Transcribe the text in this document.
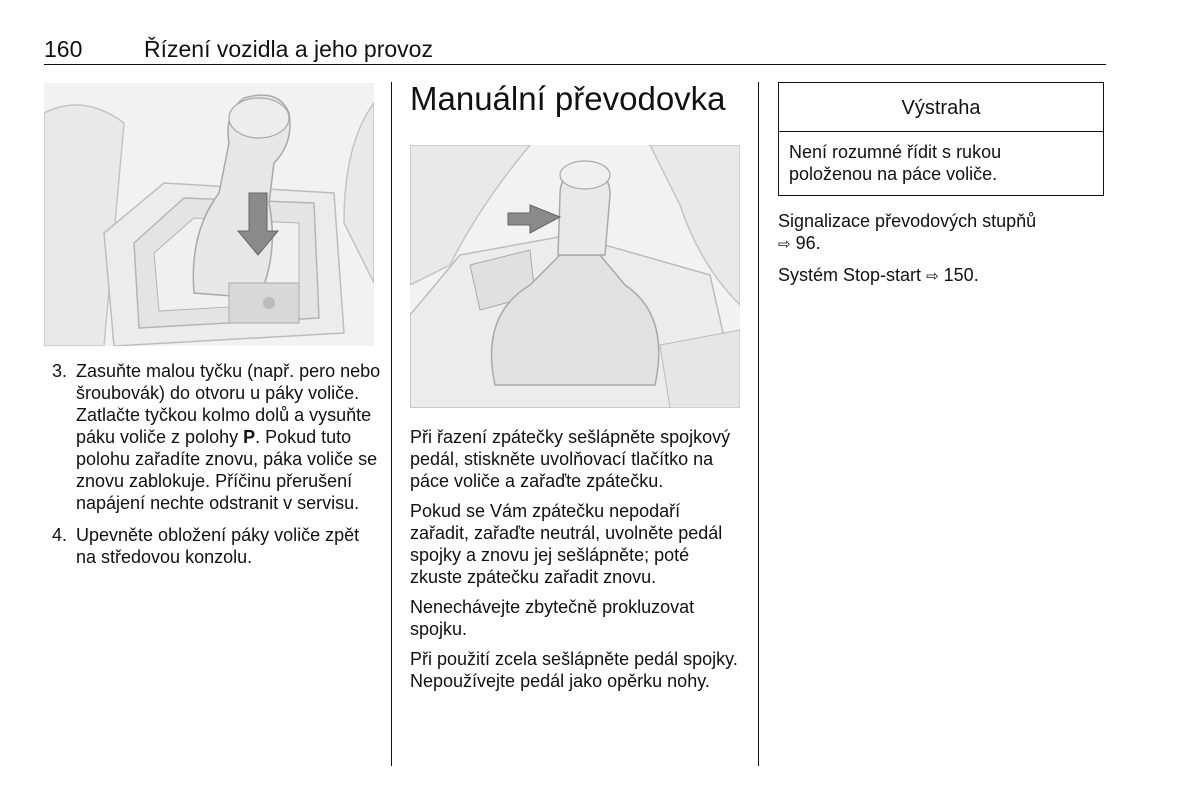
160	Řízení vozidla a jeho provoz
3. Zasuňte malou tyčku (např. pero nebo šroubovák) do otvoru u páky voliče. Zatlačte tyčkou kolmo dolů a vysuňte páku voliče z polohy P. Pokud tuto polohu zařadíte znovu, páka voliče se znovu zablokuje. Příčinu přerušení napájení nechte odstranit v servisu.
4. Upevněte obložení páky voliče zpět na středovou konzolu.
Manuální převodovka

Při řazení zpátečky sešlápněte spojkový pedál, stiskněte uvolňovací tlačítko na páce voliče a zařaďte zpátečku.

Pokud se Vám zpátečku nepodaří zařadit, zařaďte neutrál, uvolněte pedál spojky a znovu jej sešlápněte; poté zkuste zpátečku zařadit znovu.

Nenechávejte zbytečně prokluzovat spojku.

Při použití zcela sešlápněte pedál spojky. Nepoužívejte pedál jako opěrku nohy.

Výstraha
Není rozumné řídit s rukou položenou na páce voliče.

Signalizace převodových stupňů
⇨ 96.

Systém Stop-start ⇨ 150.
